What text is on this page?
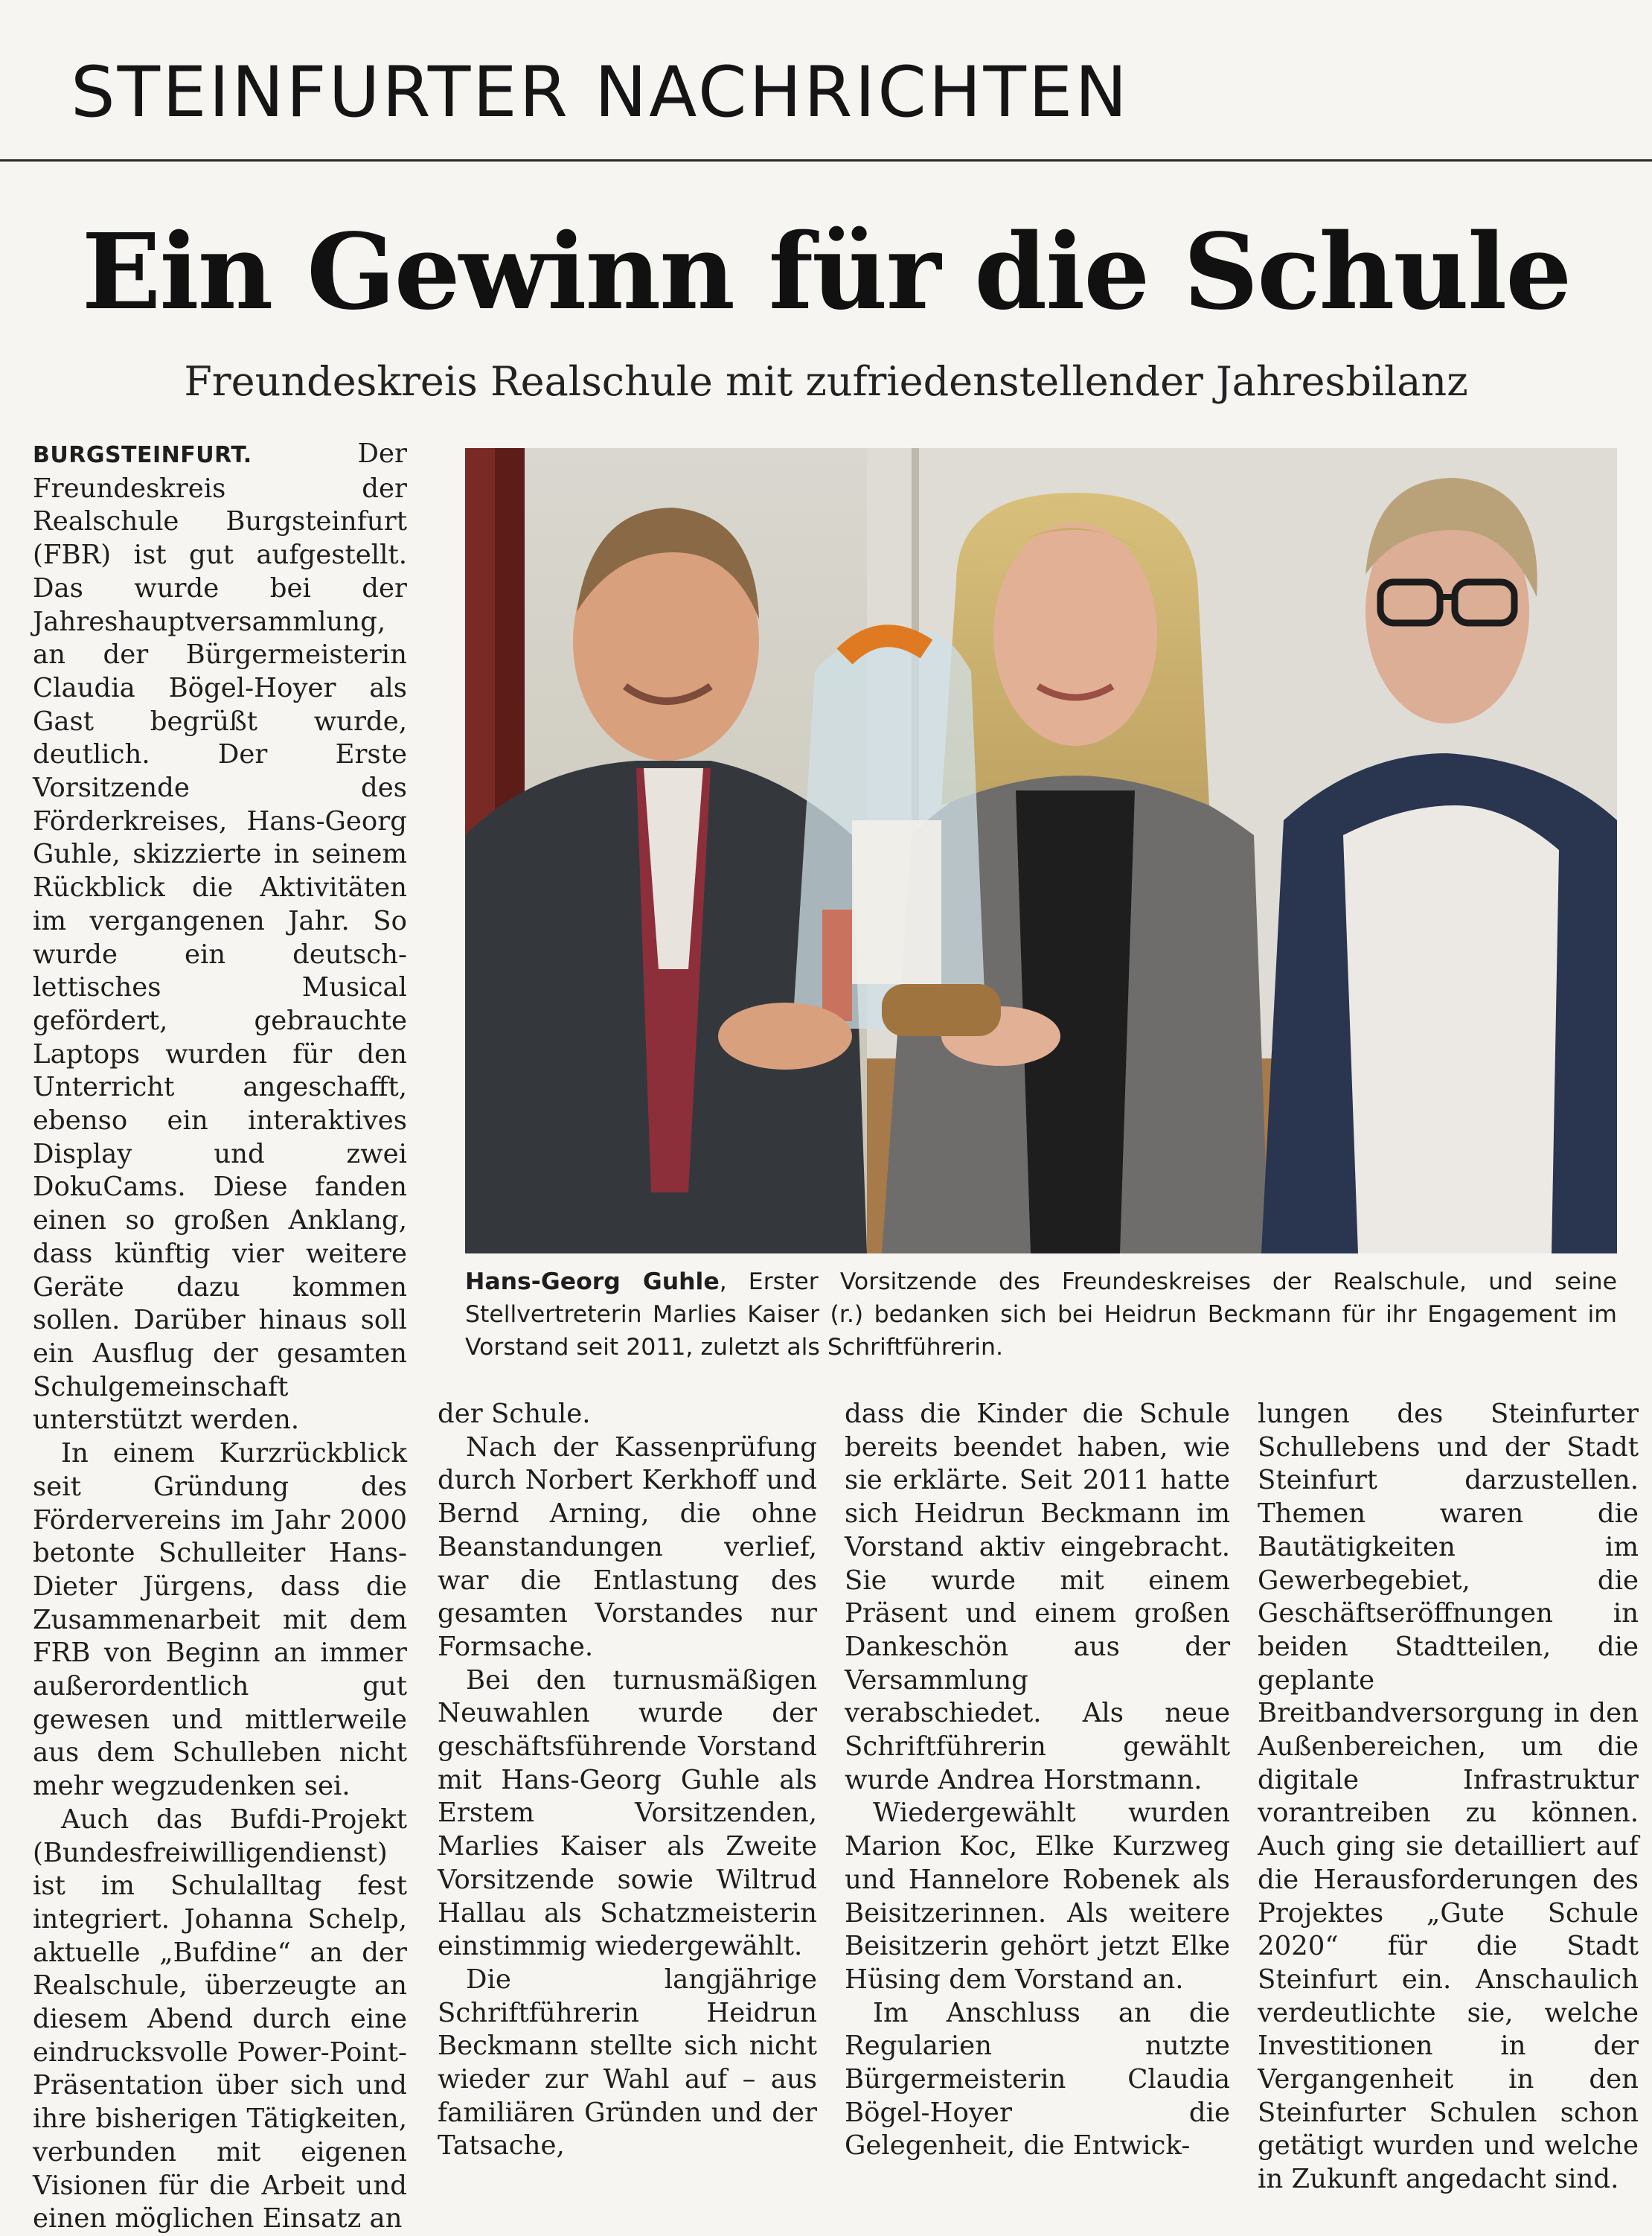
STEINFURTER NACHRICHTEN
Ein Gewinn für die Schule
Freundeskreis Realschule mit zufriedenstellender Jahresbilanz

BURGSTEINFURT.	Der Freundeskreis der Realschule Burgsteinfurt (FBR) ist gut aufgestellt. Das wurde bei der Jahreshauptversammlung, an der Bürgermeisterin Claudia Bögel-Hoyer als Gast begrüßt wurde, deutlich. Der Erste Vorsitzende des Förderkreises, Hans-Georg Guhle, skizzierte in seinem Rückblick die Aktivitäten im vergangenen Jahr. So wurde ein deutsch-lettisches Musical gefördert, gebrauchte Laptops wurden für den Unterricht angeschafft, ebenso ein interaktives Display und zwei DokuCams. Diese fanden einen so großen Anklang, dass künftig vier weitere Geräte dazu kommen sollen. Darüber hinaus soll ein Ausflug der gesamten Schulgemeinschaft unterstützt werden.

In einem Kurzrückblick seit Gründung des Fördervereins im Jahr 2000 betonte Schulleiter Hans-Dieter Jürgens, dass die Zusammenarbeit mit dem FRB von Beginn an immer außerordentlich gut gewesen und mittlerweile aus dem Schulleben nicht mehr wegzudenken sei.

Auch das Bufdi-Projekt (Bundesfreiwilligendienst) ist im Schulalltag fest integriert. Johanna Schelp, aktuelle „Bufdine“ an der Realschule, überzeugte an diesem Abend durch eine eindrucksvolle Power-Point-Präsentation über sich und ihre bisherigen Tätigkeiten, verbunden mit eigenen Visionen für die Arbeit und einen möglichen Einsatz an

Hans-Georg Guhle, Erster Vorsitzende des Freundeskreises der Realschule, und seine Stellvertreterin Marlies Kaiser (r.) bedanken sich bei Heidrun Beckmann für ihr Engagement im Vorstand seit 2011, zuletzt als Schriftführerin.

der Schule.

Nach der Kassenprüfung durch Norbert Kerkhoff und Bernd Arning, die ohne Beanstandungen verlief, war die Entlastung des gesamten Vorstandes nur Formsache.

Bei den turnusmäßigen Neuwahlen wurde der geschäftsführende Vorstand mit Hans-Georg Guhle als Erstem Vorsitzenden, Marlies Kaiser als Zweite Vorsitzende sowie Wiltrud Hallau als Schatzmeisterin einstimmig wiedergewählt.

Die langjährige Schriftführerin Heidrun Beckmann stellte sich nicht wieder zur Wahl auf – aus familiären Gründen und der Tatsache,

dass die Kinder die Schule bereits beendet haben, wie sie erklärte. Seit 2011 hatte sich Heidrun Beckmann im Vorstand aktiv eingebracht. Sie wurde mit einem Präsent und einem großen Dankeschön aus der Versammlung verabschiedet. Als neue Schriftführerin gewählt wurde Andrea Horstmann.

Wiedergewählt wurden Marion Koc, Elke Kurzweg und Hannelore Robenek als Beisitzerinnen. Als weitere Beisitzerin gehört jetzt Elke Hüsing dem Vorstand an.

Im Anschluss an die Regularien nutzte Bürgermeisterin Claudia Bögel-Hoyer die Gelegenheit, die Entwick-

lungen des Steinfurter Schullebens und der Stadt Steinfurt darzustellen. Themen waren die Bautätigkeiten im Gewerbegebiet, die Geschäftseröffnungen in beiden Stadtteilen, die geplante Breitbandversorgung in den Außenbereichen, um die digitale Infrastruktur vorantreiben zu können. Auch ging sie detailliert auf die Herausforderungen des Projektes „Gute Schule 2020“ für die Stadt Steinfurt ein. Anschaulich verdeutlichte sie, welche Investitionen in der Vergangenheit in den Steinfurter Schulen schon getätigt wurden und welche in Zukunft angedacht sind.
